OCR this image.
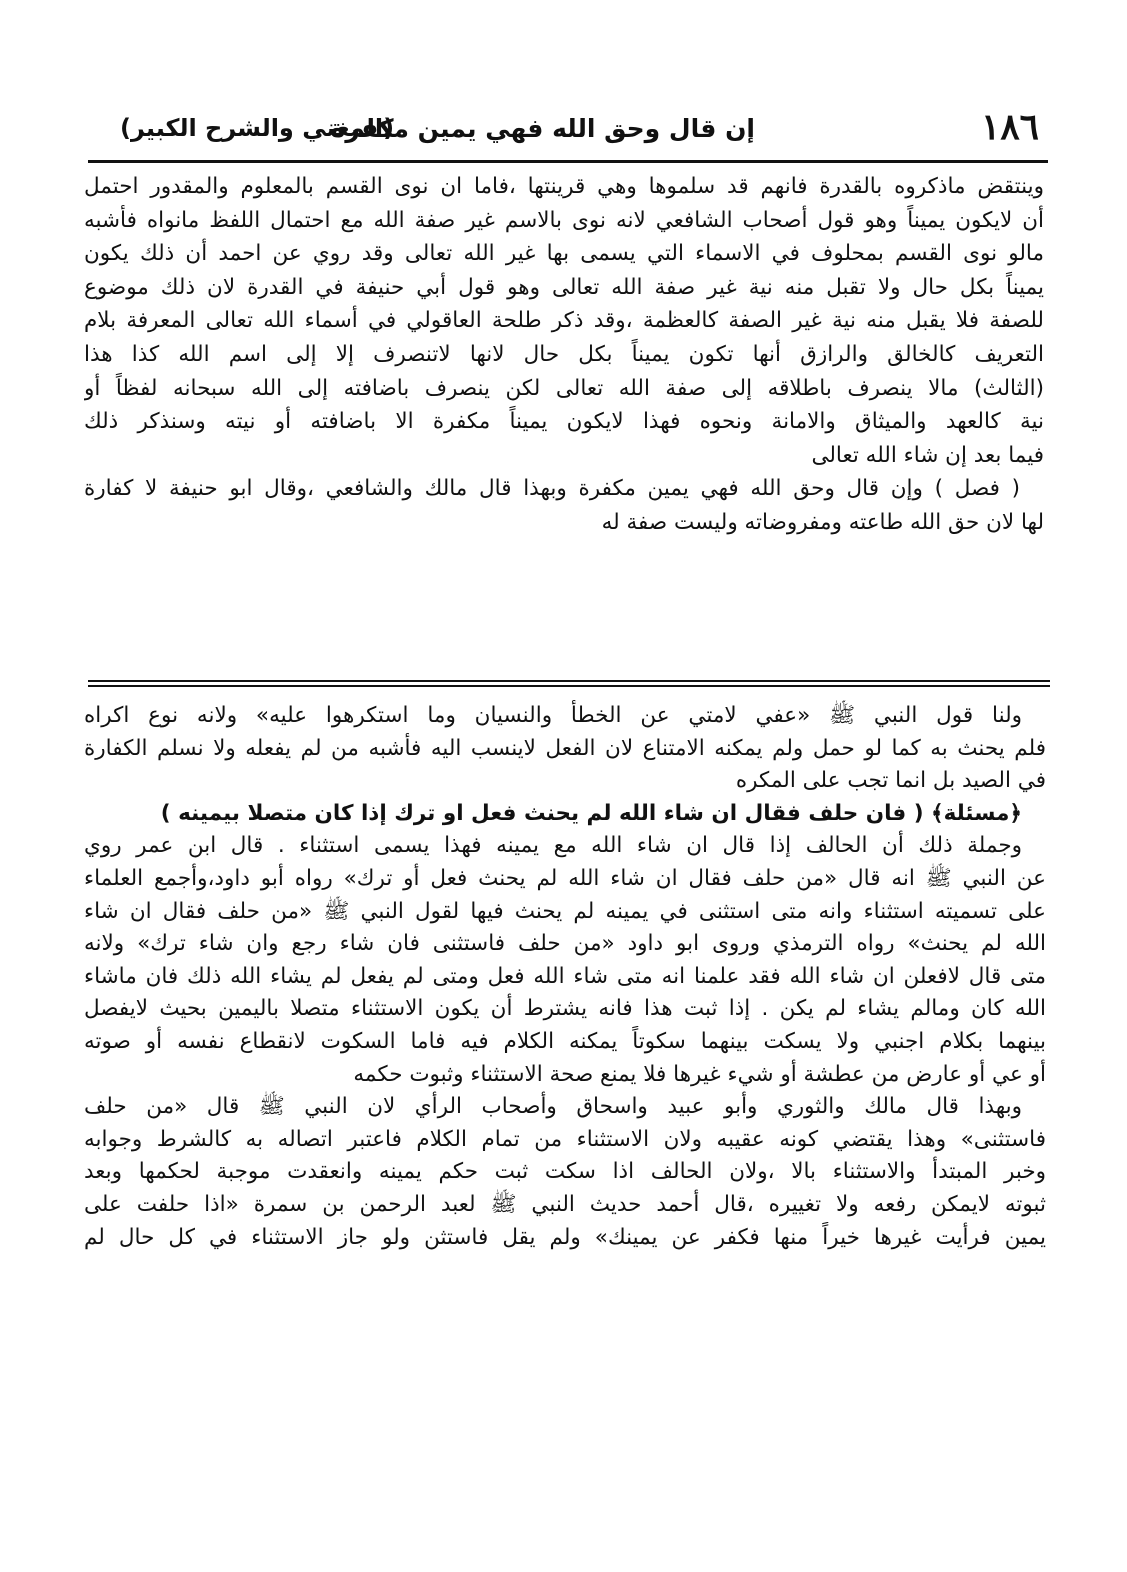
١٨٦
إن قال وحق الله فهي يمين مكفرة
(المغني والشرح الكبير)
وينتقض ماذكروه بالقدرة فانهم قد سلموها وهي قرينتها ،فاما ان نوى القسم بالمعلوم والمقدور احتمل
أن لايكون يميناً وهو قول أصحاب الشافعي لانه نوى بالاسم غير صفة الله مع احتمال اللفظ مانواه فأشبه
مالو نوى القسم بمحلوف في الاسماء التي يسمى بها غير الله تعالى وقد روي عن احمد أن ذلك يكون
يميناً بكل حال ولا تقبل منه نية غير صفة الله تعالى وهو قول أبي حنيفة في القدرة لان ذلك موضوع
للصفة فلا يقبل منه نية غير الصفة كالعظمة ،وقد ذكر طلحة العاقولي في أسماء الله تعالى المعرفة بلام
التعريف كالخالق والرازق أنها تكون يميناً بكل حال لانها لاتنصرف إلا إلى اسم الله كذا هذا
(الثالث) مالا ينصرف باطلاقه إلى صفة الله تعالى لكن ينصرف باضافته إلى الله سبحانه لفظاً أو
نية كالعهد والميثاق والامانة ونحوه فهذا لايكون يميناً مكفرة الا باضافته أو نيته وسنذكر ذلك
فيما بعد إن شاء الله تعالى
( فصل ) وإن قال وحق الله فهي يمين مكفرة وبهذا قال مالك والشافعي ،وقال ابو حنيفة لا كفارة
لها لان حق الله طاعته ومفروضاته وليست صفة له
ولنا قول النبي ﷺ «عفي لامتي عن الخطأ والنسيان وما استكرهوا عليه» ولانه نوع اكراه
فلم يحنث به كما لو حمل ولم يمكنه الامتناع لان الفعل لاينسب اليه فأشبه من لم يفعله ولا نسلم الكفارة
في الصيد بل انما تجب على المكره
﴿مسئلة﴾ ( فان حلف فقال ان شاء الله لم يحنث فعل او ترك إذا كان متصلا بيمينه )
وجملة ذلك أن الحالف إذا قال ان شاء الله مع يمينه فهذا يسمى استثناء . قال ابن عمر روي
عن النبي ﷺ انه قال «من حلف فقال ان شاء الله لم يحنث فعل أو ترك» رواه أبو داود،وأجمع العلماء
على تسميته استثناء وانه متى استثنى في يمينه لم يحنث فيها لقول النبي ﷺ «من حلف فقال ان شاء
الله لم يحنث» رواه الترمذي وروى ابو داود «من حلف فاستثنى فان شاء رجع وان شاء ترك» ولانه
متى قال لافعلن ان شاء الله فقد علمنا انه متى شاء الله فعل ومتى لم يفعل لم يشاء الله ذلك فان ماشاء
الله كان ومالم يشاء لم يكن . إذا ثبت هذا فانه يشترط أن يكون الاستثناء متصلا باليمين بحيث لايفصل
بينهما بكلام اجنبي ولا يسكت بينهما سكوتاً يمكنه الكلام فيه فاما السكوت لانقطاع نفسه أو صوته
أو عي أو عارض من عطشة أو شيء غيرها فلا يمنع صحة الاستثناء وثبوت حكمه
وبهذا قال مالك والثوري وأبو عبيد واسحاق وأصحاب الرأي لان النبي ﷺ قال «من حلف
فاستثنى» وهذا يقتضي كونه عقيبه ولان الاستثناء من تمام الكلام فاعتبر اتصاله به كالشرط وجوابه
وخبر المبتدأ والاستثناء بالا ،ولان الحالف اذا سكت ثبت حكم يمينه وانعقدت موجبة لحكمها وبعد
ثبوته لايمكن رفعه ولا تغييره ،قال أحمد حديث النبي ﷺ لعبد الرحمن بن سمرة «اذا حلفت على
يمين فرأيت غيرها خيراً منها فكفر عن يمينك» ولم يقل فاستثن ولو جاز الاستثناء في كل حال لم
